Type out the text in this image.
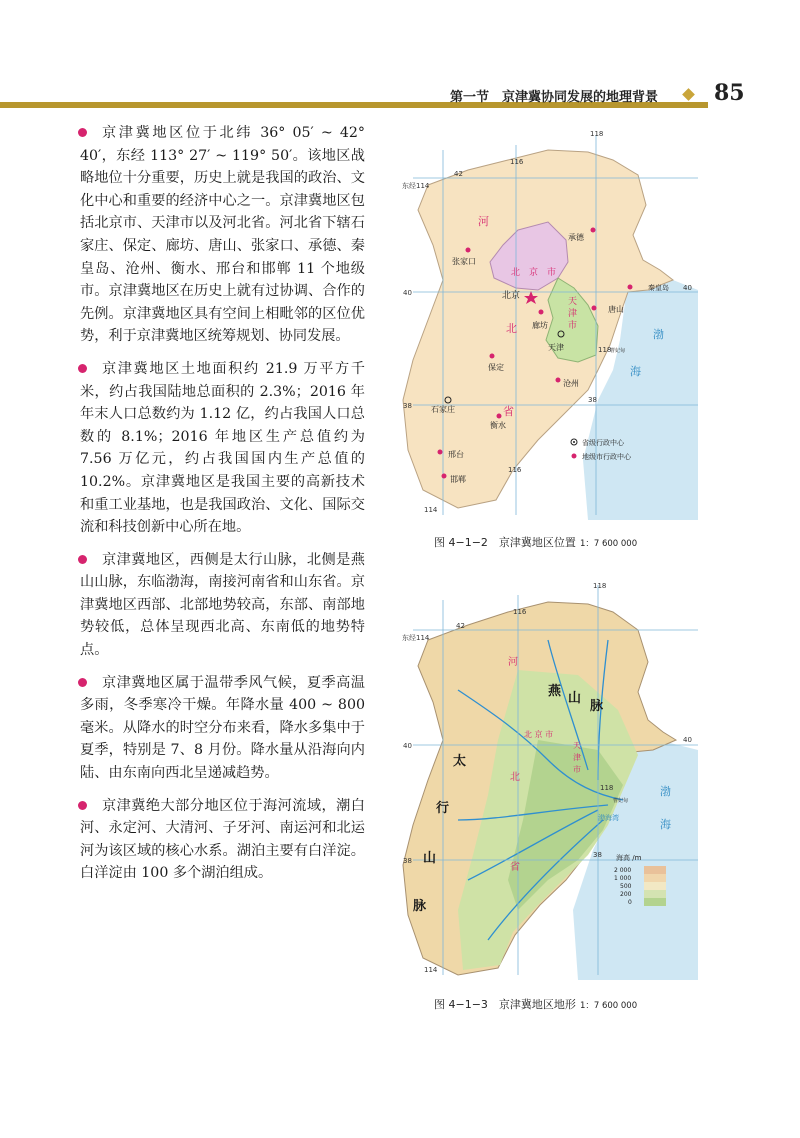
第一节　京津冀协同发展的地理背景	85

京津冀地区位于北纬 36° 05′ ~ 42° 40′，东经 113° 27′ ~ 119° 50′。该地区战略地位十分重要，历史上就是我国的政治、文化中心和重要的经济中心之一。京津冀地区包括北京市、天津市以及河北省。河北省下辖石家庄、保定、廊坊、唐山、张家口、承德、秦皇岛、沧州、衡水、邢台和邯郸 11 个地级市。京津冀地区在历史上就有过协调、合作的先例。京津冀地区具有空间上相毗邻的区位优势，利于京津冀地区统筹规划、协同发展。

京津冀地区土地面积约 21.9 万平方千米，约占我国陆地总面积的 2.3%；2016 年年末人口总数约为 1.12 亿，约占我国人口总数的 8.1%；2016 年地区生产总值约为 7.56 万亿元，约占我国国内生产总值的 10.2%。京津冀地区是我国主要的高新技术和重工业基地，也是我国政治、文化、国际交流和科技创新中心所在地。

京津冀地区，西侧是太行山脉，北侧是燕山山脉，东临渤海，南接河南省和山东省。京津冀地区西部、北部地势较高，东部、南部地势较低，总体呈现西北高、东南低的地势特点。

京津冀地区属于温带季风气候，夏季高温多雨，冬季寒冷干燥。年降水量 400 ~ 800 毫米。从降水的时空分布来看，降水多集中于夏季，特别是 7、8 月份。降水量从沿海向内陆、由东南向西北呈递减趋势。

京津冀绝大部分地区位于海河流域，潮白河、永定河、大清河、子牙河、南运河和北运河为该区域的核心水系。湖泊主要有白洋淀。白洋淀由 100 多个湖泊组成。

118
116
东经114
42
40
40
38
38
118
116
114
河
北
省
北　京　市
天
津
市
渤
海
曹妃甸
张家口
承德
北京
秦皇岛
唐山
廊坊
天津
保定
沧州
石家庄
衡水
邢台
邯郸
省级行政中心
地级市行政中心
图 4−1−2　京津冀地区位置 1：7 600 000
118
116
东经114
42
40
40
38
38
118
114
燕 山
脉
太
行
山
脉
河
北
省
北 京 市
天
津
市
渤
海
渤海湾
曹妃甸
海高 /m
2 000
1 000
500
200
0
图 4−1−3　京津冀地区地形 1：7 600 000
